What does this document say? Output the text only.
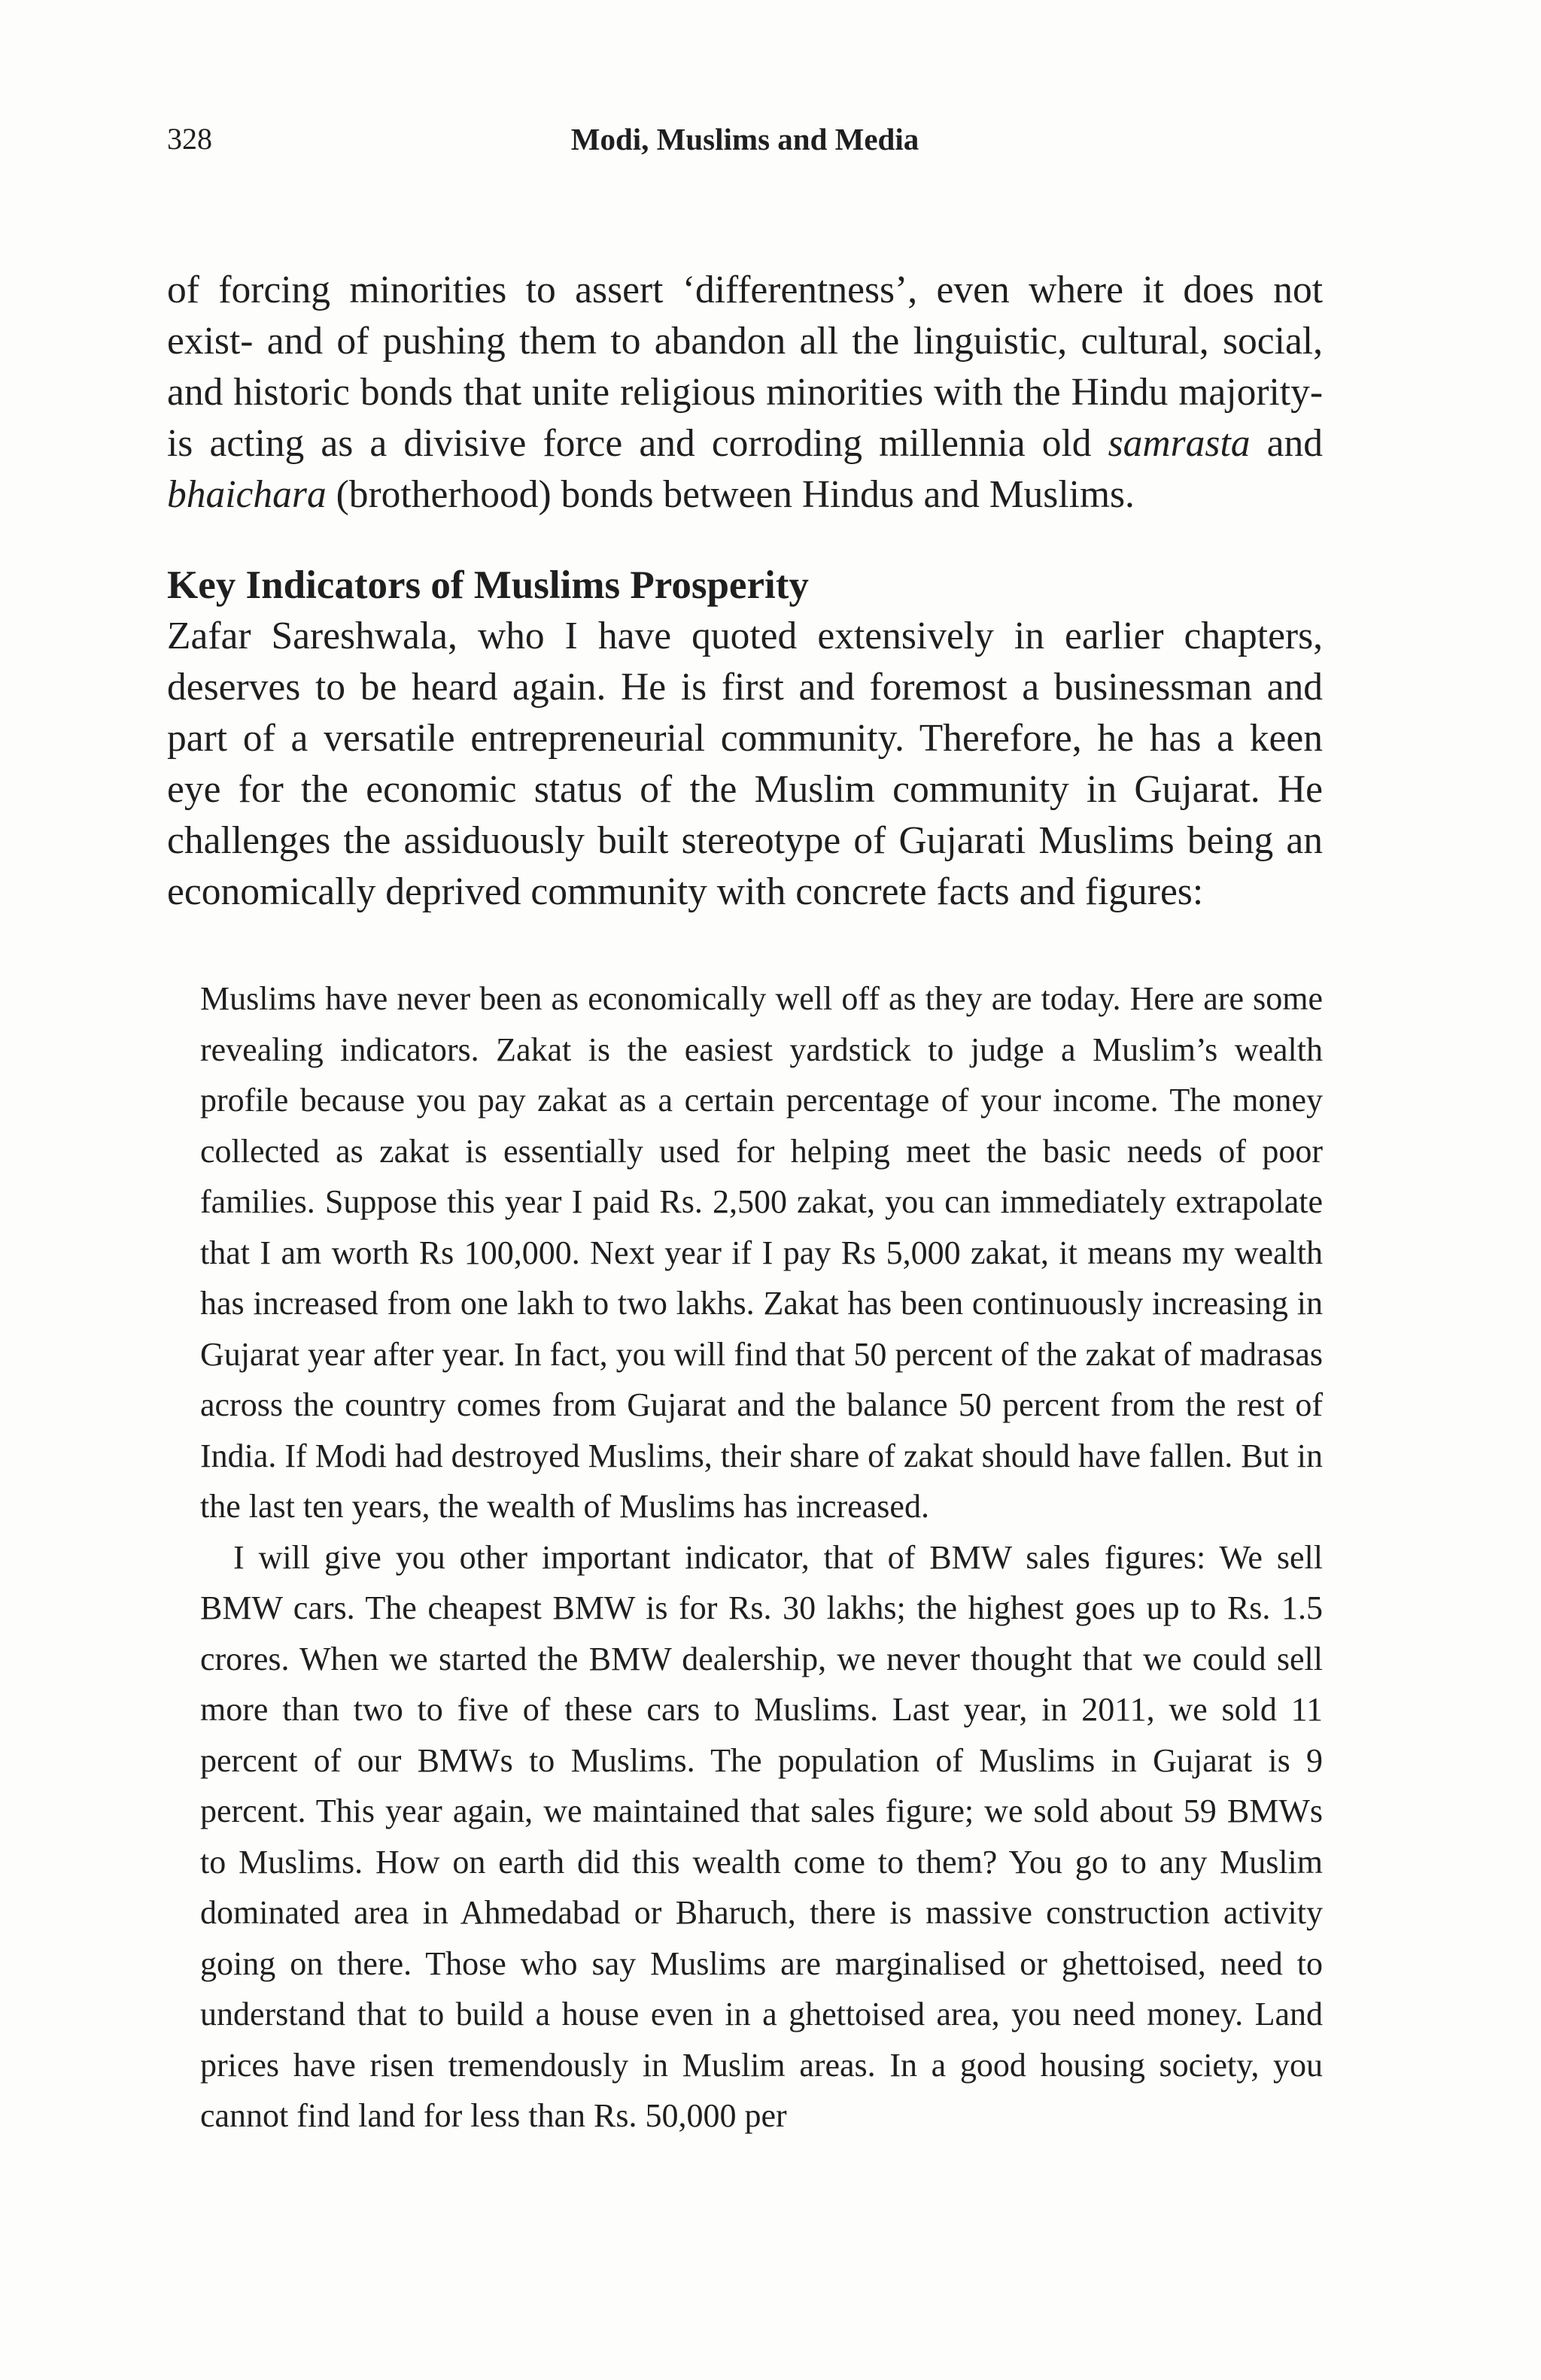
328	Modi, Muslims and Media

of forcing minorities to assert ‘differentness’, even where it does not exist- and of pushing them to abandon all the linguistic, cultural, social, and historic bonds that unite religious minorities with the Hindu majority- is acting as a divisive force and corroding millennia old samrasta and bhaichara (brotherhood) bonds between Hindus and Muslims.

Key Indicators of Muslims Prosperity

Zafar Sareshwala, who I have quoted extensively in earlier chapters, deserves to be heard again. He is first and foremost a businessman and part of a versatile entrepreneurial community. Therefore, he has a keen eye for the economic status of the Muslim community in Gujarat. He challenges the assiduously built stereotype of Gujarati Muslims being an economically deprived community with concrete facts and figures:

Muslims have never been as economically well off as they are today. Here are some revealing indicators. Zakat is the easiest yardstick to judge a Muslim’s wealth profile because you pay zakat as a certain percentage of your income. The money collected as zakat is essentially used for helping meet the basic needs of poor families. Suppose this year I paid Rs. 2,500 zakat, you can immediately extrapolate that I am worth Rs 100,000. Next year if I pay Rs 5,000 zakat, it means my wealth has increased from one lakh to two lakhs. Zakat has been continuously increasing in Gujarat year after year. In fact, you will find that 50 percent of the zakat of madrasas across the country comes from Gujarat and the balance 50 percent from the rest of India. If Modi had destroyed Muslims, their share of zakat should have fallen. But in the last ten years, the wealth of Muslims has increased.

I will give you other important indicator, that of BMW sales figures: We sell BMW cars. The cheapest BMW is for Rs. 30 lakhs; the highest goes up to Rs. 1.5 crores. When we started the BMW dealership, we never thought that we could sell more than two to five of these cars to Muslims. Last year, in 2011, we sold 11 percent of our BMWs to Muslims. The population of Muslims in Gujarat is 9 percent. This year again, we maintained that sales figure; we sold about 59 BMWs to Muslims. How on earth did this wealth come to them? You go to any Muslim dominated area in Ahmedabad or Bharuch, there is massive construction activity going on there. Those who say Muslims are marginalised or ghettoised, need to understand that to build a house even in a ghettoised area, you need money. Land prices have risen tremendously in Muslim areas. In a good housing society, you cannot find land for less than Rs. 50,000 per
